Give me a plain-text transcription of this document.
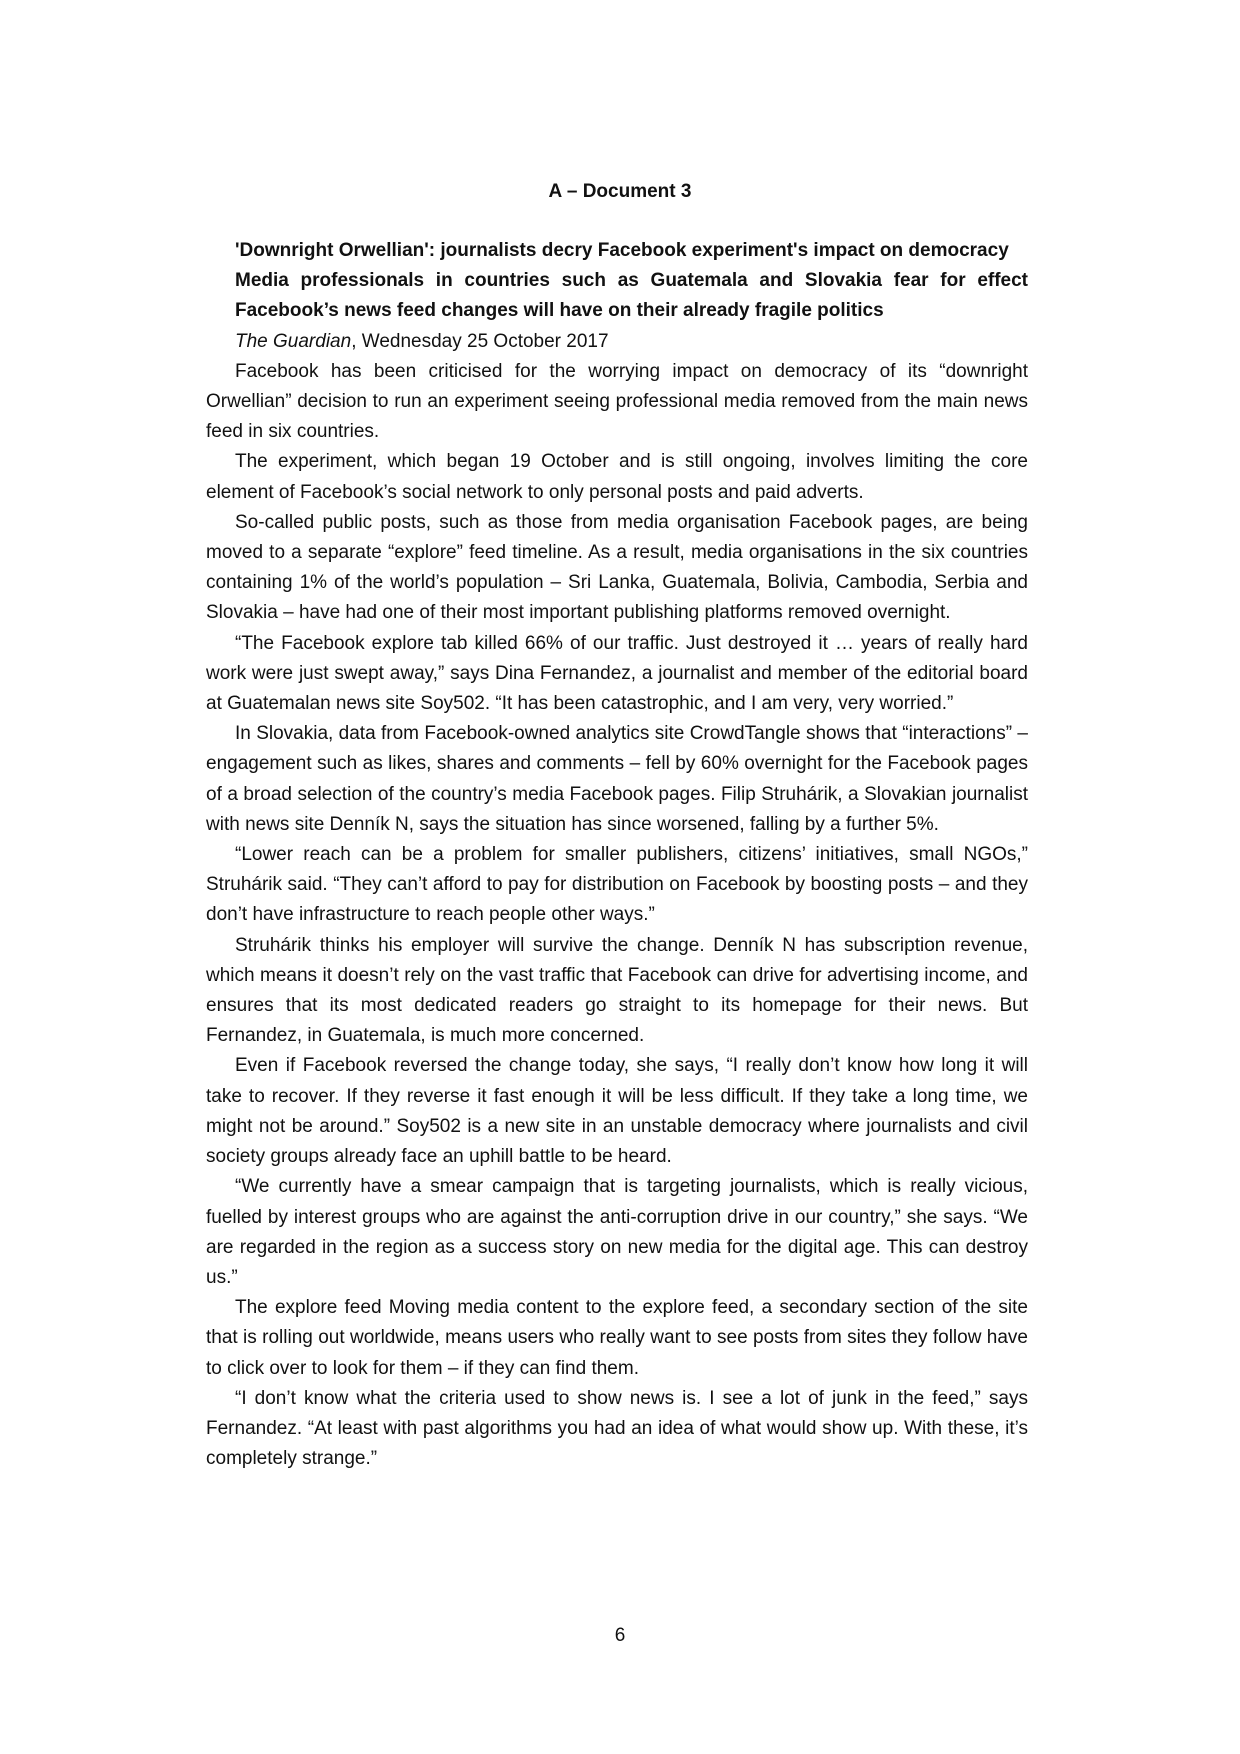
A – Document 3

'Downright Orwellian': journalists decry Facebook experiment's impact on democracy

Media professionals in countries such as Guatemala and Slovakia fear for effect Facebook’s news feed changes will have on their already fragile politics

The Guardian, Wednesday 25 October 2017

Facebook has been criticised for the worrying impact on democracy of its “downright Orwellian” decision to run an experiment seeing professional media removed from the main news feed in six countries.

The experiment, which began 19 October and is still ongoing, involves limiting the core element of Facebook’s social network to only personal posts and paid adverts.

So-called public posts, such as those from media organisation Facebook pages, are being moved to a separate “explore” feed timeline. As a result, media organisations in the six countries containing 1% of the world’s population – Sri Lanka, Guatemala, Bolivia, Cambodia, Serbia and Slovakia – have had one of their most important publishing platforms removed overnight.

“The Facebook explore tab killed 66% of our traffic. Just destroyed it … years of really hard work were just swept away,” says Dina Fernandez, a journalist and member of the editorial board at Guatemalan news site Soy502. “It has been catastrophic, and I am very, very worried.”

In Slovakia, data from Facebook-owned analytics site CrowdTangle shows that “interactions” – engagement such as likes, shares and comments – fell by 60% overnight for the Facebook pages of a broad selection of the country’s media Facebook pages. Filip Struhárik, a Slovakian journalist with news site Denník N, says the situation has since worsened, falling by a further 5%.

“Lower reach can be a problem for smaller publishers, citizens’ initiatives, small NGOs,” Struhárik said. “They can’t afford to pay for distribution on Facebook by boosting posts – and they don’t have infrastructure to reach people other ways.”

Struhárik thinks his employer will survive the change. Denník N has subscription revenue, which means it doesn’t rely on the vast traffic that Facebook can drive for advertising income, and ensures that its most dedicated readers go straight to its homepage for their news. But Fernandez, in Guatemala, is much more concerned.

Even if Facebook reversed the change today, she says, “I really don’t know how long it will take to recover. If they reverse it fast enough it will be less difficult. If they take a long time, we might not be around.” Soy502 is a new site in an unstable democracy where journalists and civil society groups already face an uphill battle to be heard.

“We currently have a smear campaign that is targeting journalists, which is really vicious, fuelled by interest groups who are against the anti-corruption drive in our country,” she says. “We are regarded in the region as a success story on new media for the digital age. This can destroy us.”

The explore feed Moving media content to the explore feed, a secondary section of the site that is rolling out worldwide, means users who really want to see posts from sites they follow have to click over to look for them – if they can find them.

“I don’t know what the criteria used to show news is. I see a lot of junk in the feed,” says Fernandez. “At least with past algorithms you had an idea of what would show up. With these, it’s completely strange.”

6
